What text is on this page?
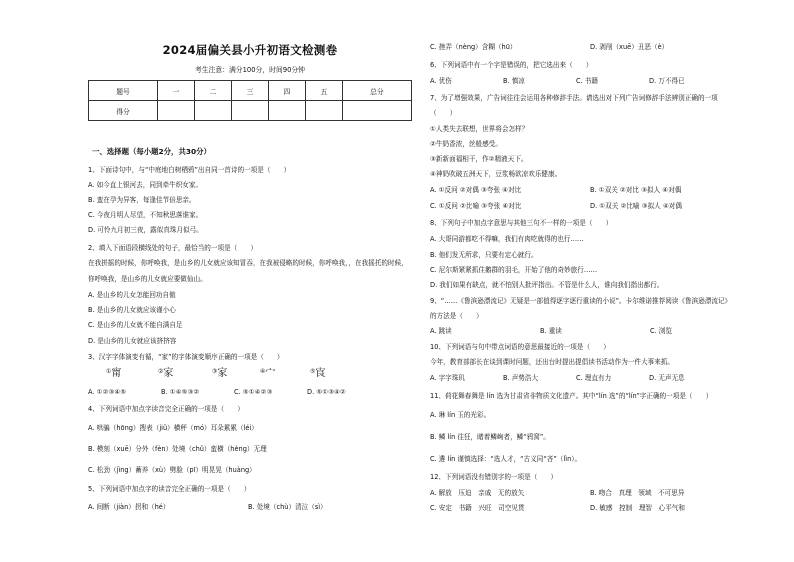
2024届偏关县小升初语文检测卷
考生注意：满分100分，时间90分钟
题号	一	二	三	四	五	总分
得分						
一、选择题（每小题2分，共30分）
1、下面诗句中，与“中庭地白树栖鸦”出自同一首诗的一项是（　　）
A. 如今直上银河去，同到牵牛织女家。
B. 蛮在孕为异客，每逢佳节倍思亲。
C. 今夜月明人尽望，不知秋思落谁家。
D. 可怜九月初三夜，露似真珠月似弓。
2、填入下面语段横线处的句子，最恰当的一项是（　　）
在我拼摇的时候，你呼唤我，是山乡的儿女就应该知冒吞，在我被侵略的时候，你呼唤我，，在我摇托的时候，
你呼唤我，是山乡的儿女就应要做仙山。
A. 是山乡的儿女怎能回功自傲
B. 是山乡的儿女就应该谨小心
C. 是山乡的儿女就不能自满自足
D. 是山乡的儿女就应该挤挤容
3、汉字字体演变有循，“家”的字体演变顺序正确的一项是（　　）
①甯	②家	③家	④宀	⑤㝗
A. ①②③④⑤	B. ①④⑤③②	C. ⑤①④②③	D. ⑤①③④②
4、下列词语中加点字读音完全正确的一项是（　　）
A. 哄骗（hōng）搜表（jiǔ）横秤（mó）耳朵累累（léi）
B. 模刻（xuē）分外（fèn）处境（chǔ）蛮横（hèng）无理
C. 松劲（jìng）蓄养（xù）劈脸（pī）明晃晃（huàng）
5、下列词语中加点字的读音完全正确的一项是（　　）
A. 间断（jiàn）拐和（hé）	B. 处境（chù）清泣（sì）
C. 挫弄（nèng）含糊（hū）	D. 剥削（xuē）丑恶（è）
6、下列词语中有一个字是错误的，把它选出来（　　）
A. 优伤	B. 慎凉	C. 书籍	D. 万不得已
7、为了增强效果，广告词往往会运用各种修辞手法。请选出对下列广告词修辞手法辨别正确的一项
（　　）
①人类失去联想，世界将会怎样？
②牛奶香浓，丝般感受。
③新新面福相干，作②精液天下。
④神奶吹破五洲天下，豆浆畅欲凉欢乐健康。
A. ①反问 ②对偶 ③夸张 ④对比	B. ①双关 ②对比 ③拟人 ④对偶
C. ①反问 ②比喻 ③夸张 ④对比	D. ①双关 ②比喻 ③拟人 ④对偶
8、下列句子中加点字意思与其他三句不一样的一项是（　　）
A. 大哥同游都吃不得嘛，我们有肉吃就得的也行……
B. 他们发无所求，只要有定心就行。
C. 尼尔斯紧紧抓住鹅群的羽毛，开始了他的奇妙旅行……
D. 我们如果有缺点，就不怕别人批评指出。不管是什么人，谁向我们指出都行。
9、“……《鲁滨逊漂流记》无疑是一部值得逐字逐行重读的小说”。卡尔维诺推荐阅读《鲁滨逊漂流记》
的方法是（　　）
A. 跳读	B. 重读	C. 浏览
10、下列词语与句中带点词语的意思最接近的一项是（　　）
今年，教育部部长在谈到课时问题，还出台时提出提倡读书活动作为一件大事来抓。
A. 字字珠玑	B. 声势浩大	C. 理直有力	D. 无声无息
11、荷花舞春舞是 lín 选为甘肃省非物质文化遗产。其中“lín 选”的“lín”字正确的一项是（　　）
A. 琳 lín 玉的光彩。
B. 鳞 lín 往狂，睹着鳞峋者，鳞“鸦窝”。
C. 遴 lín 谨慎选择：“选人才，“古义同“吝”（lìn）。
12、下列词语没有错别字的一项是（　　）
A. 解放　压迫　亲戚　无的放矢	B. 吻合　真理　领域　不可思异
C. 安定　书籍　兴旺　司空见贯	D. 敏感　控制　理智　心平气和
